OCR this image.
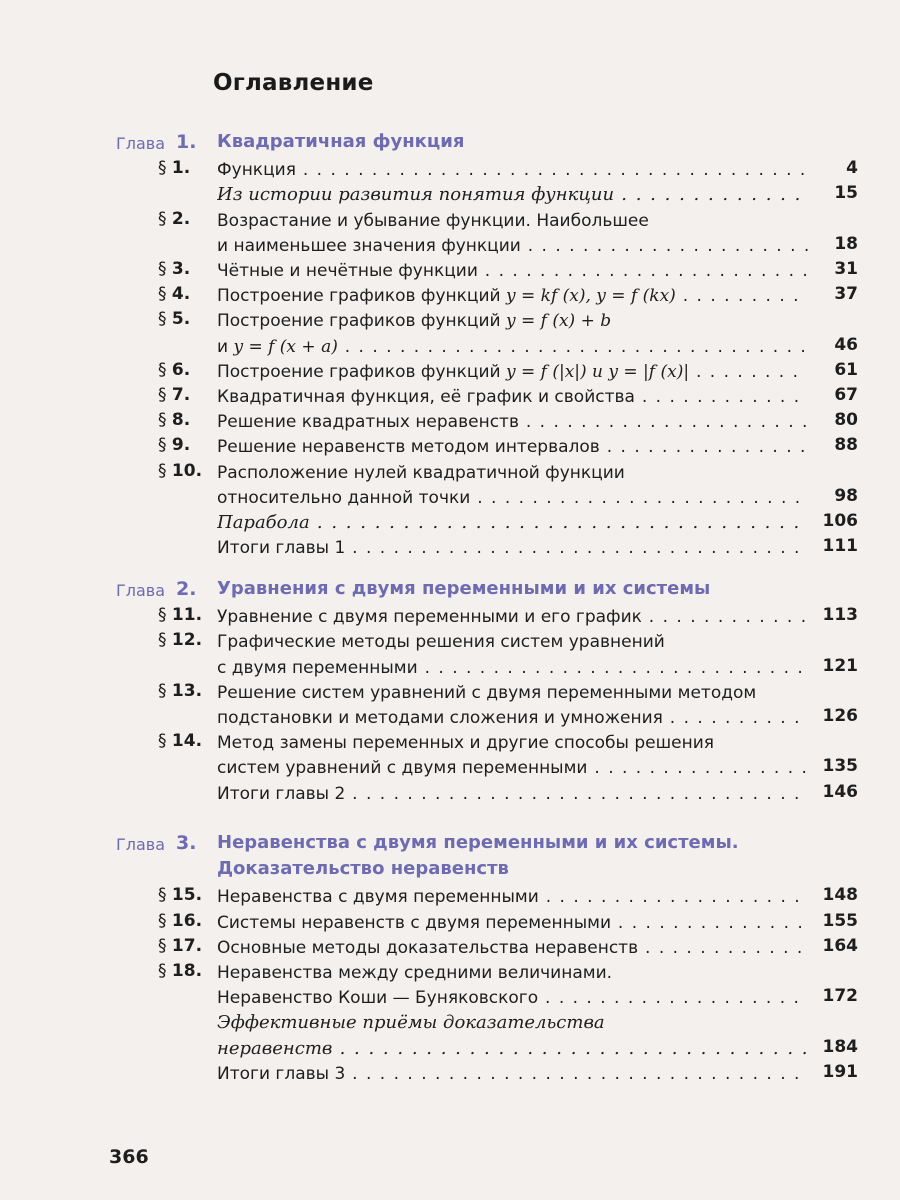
Оглавление
Глава 1. Квадратичная функция
§ 1.	Функция . . .	4
Из истории развития понятия функции . . .	15
§ 2.	Возрастание и убывание функции. Наибольшее
и наименьшее значения функции . . .	18
§ 3.	Чётные и нечётные функции . . .	31
§ 4.	Построение графиков функций y = kf (x), y = f (kx) . . .	37
§ 5.	Построение графиков функций y = f (x) + b
и y = f (x + a) . . .	46
§ 6.	Построение графиков функций y = f (|x|) и y = |f (x)| . . .	61
§ 7.	Квадратичная функция, её график и свойства . . .	67
§ 8.	Решение квадратных неравенств . . .	80
§ 9.	Решение неравенств методом интервалов . . .	88
§ 10. Расположение нулей квадратичной функции
относительно данной точки . . .	98
Парабола . . .	106
Итоги главы 1 . . .	111
Глава 2. Уравнения с двумя переменными и их системы
§ 11. Уравнение с двумя переменными и его график . . .	113
§ 12. Графические методы решения систем уравнений
с двумя переменными . . .	121
§ 13. Решение систем уравнений с двумя переменными методом
подстановки и методами сложения и умножения . . .	126
§ 14. Метод замены переменных и другие способы решения
систем уравнений с двумя переменными . . .	135
Итоги главы 2 . . .	146
Глава 3. Неравенства с двумя переменными и их системы.
Доказательство неравенств
§ 15. Неравенства с двумя переменными . . .	148
§ 16. Системы неравенств с двумя переменными . . .	155
§ 17. Основные методы доказательства неравенств . . .	164
§ 18. Неравенства между средними величинами.
Неравенство Коши — Буняковского . . .	172
Эффективные приёмы доказательства
неравенств . . .	184
Итоги главы 3 . . .	191
366
